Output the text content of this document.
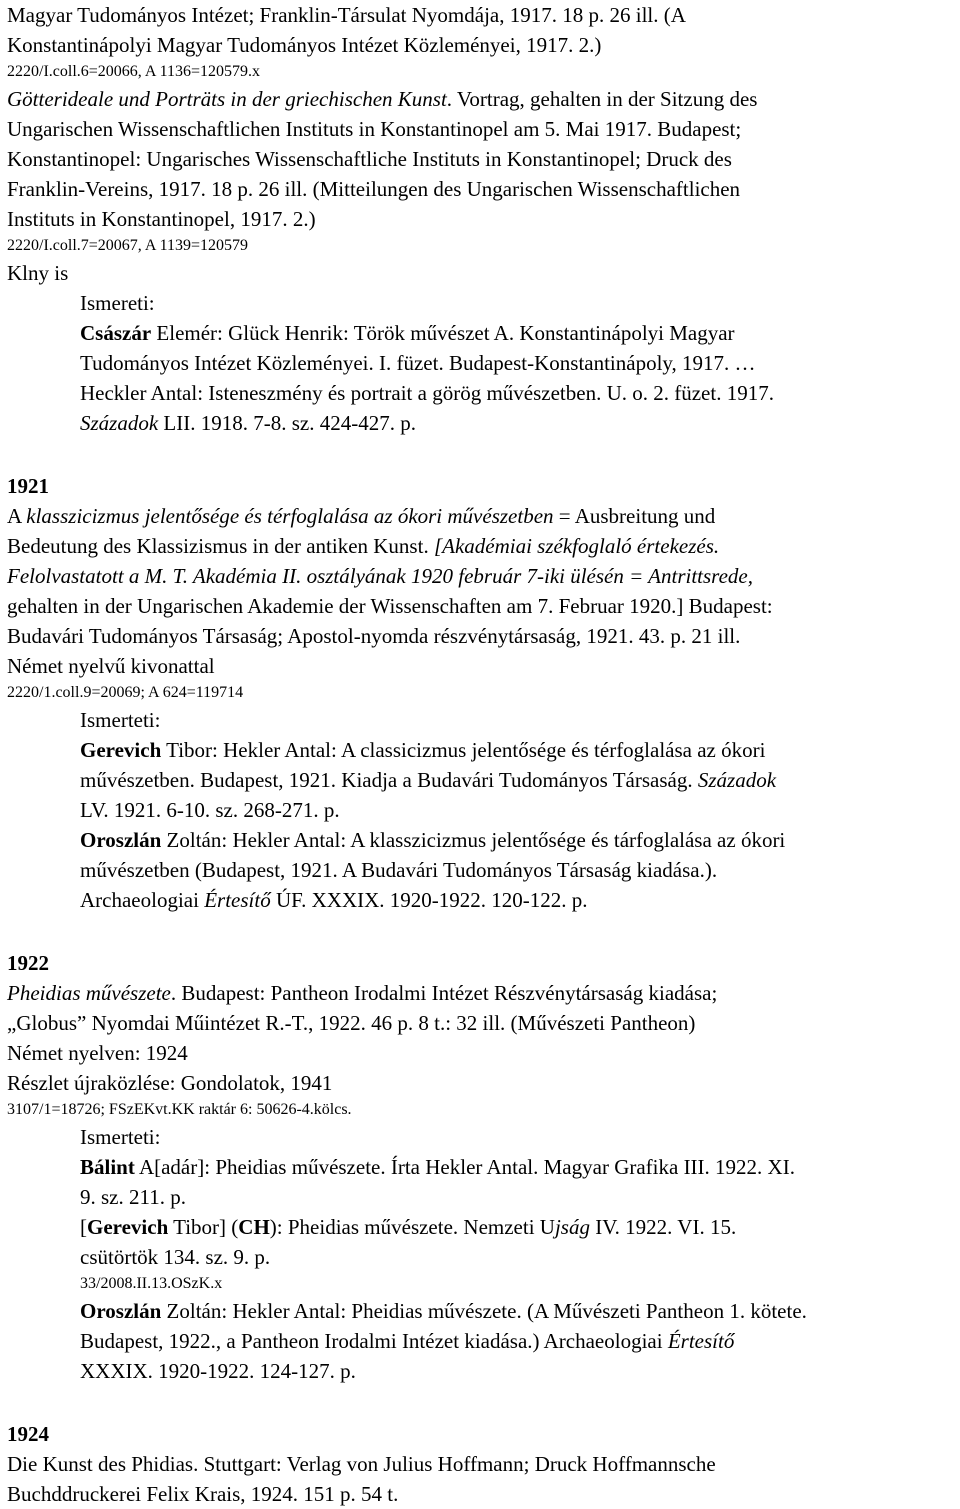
Magyar Tudományos Intézet; Franklin-Társulat Nyomdája, 1917. 18 p. 26 ill. (A
Konstantinápolyi Magyar Tudományos Intézet Közleményei, 1917. 2.)
2220/I.coll.6=20066, A 1136=120579.x
Götterideale und Porträts in der griechischen Kunst. Vortrag, gehalten in der Sitzung des
Ungarischen Wissenschaftlichen Instituts in Konstantinopel am 5. Mai 1917. Budapest;
Konstantinopel: Ungarisches Wissenschaftliche Instituts in Konstantinopel; Druck des
Franklin-Vereins, 1917. 18 p. 26 ill. (Mitteilungen des Ungarischen Wissenschaftlichen
Instituts in Konstantinopel, 1917. 2.)
2220/I.coll.7=20067, A 1139=120579
Klny is
Ismereti:
Császár Elemér: Glück Henrik: Török művészet A. Konstantinápolyi Magyar
Tudományos Intézet Közleményei. I. füzet. Budapest-Konstantinápoly, 1917. …
Heckler Antal: Isteneszmény és portrait a görög művészetben. U. o. 2. füzet. 1917.
Századok LII. 1918. 7-8. sz. 424-427. p.
1921
A klasszicizmus jelentősége és térfoglalása az ókori művészetben = Ausbreitung und
Bedeutung des Klassizismus in der antiken Kunst. [Akadémiai székfoglaló értekezés.
Felolvastatott a M. T. Akadémia II. osztályának 1920 február 7-iki ülésén = Antrittsrede,
gehalten in der Ungarischen Akademie der Wissenschaften am 7. Februar 1920.] Budapest:
Budavári Tudományos Társaság; Apostol-nyomda részvénytársaság, 1921. 43. p. 21 ill.
Német nyelvű kivonattal
2220/1.coll.9=20069; A 624=119714
Ismerteti:
Gerevich Tibor: Hekler Antal: A classicizmus jelentősége és térfoglalása az ókori
művészetben. Budapest, 1921. Kiadja a Budavári Tudományos Társaság. Századok
LV. 1921. 6-10. sz. 268-271. p.
Oroszlán Zoltán: Hekler Antal: A klasszicizmus jelentősége és tárfoglalása az ókori
művészetben (Budapest, 1921. A Budavári Tudományos Társaság kiadása.).
Archaeologiai Értesítő ÚF. XXXIX. 1920-1922. 120-122. p.
1922
Pheidias művészete. Budapest: Pantheon Irodalmi Intézet Részvénytársaság kiadása;
„Globus” Nyomdai Műintézet R.-T., 1922. 46 p. 8 t.: 32 ill. (Művészeti Pantheon)
Német nyelven: 1924
Részlet újraközlése: Gondolatok, 1941
3107/1=18726; FSzEKvt.KK raktár 6: 50626-4.kölcs.
Ismerteti:
Bálint A[adár]: Pheidias művészete. Írta Hekler Antal. Magyar Grafika III. 1922. XI.
9. sz. 211. p.
[Gerevich Tibor] (CH): Pheidias művészete. Nemzeti Ujság IV. 1922. VI. 15.
csütörtök 134. sz. 9. p.
33/2008.II.13.OSzK.x
Oroszlán Zoltán: Hekler Antal: Pheidias művészete. (A Művészeti Pantheon 1. kötete.
Budapest, 1922., a Pantheon Irodalmi Intézet kiadása.) Archaeologiai Értesítő
XXXIX. 1920-1922. 124-127. p.
1924
Die Kunst des Phidias. Stuttgart: Verlag von Julius Hoffmann; Druck Hoffmannsche
Buchddruckerei Felix Krais, 1924. 151 p. 54 t.
